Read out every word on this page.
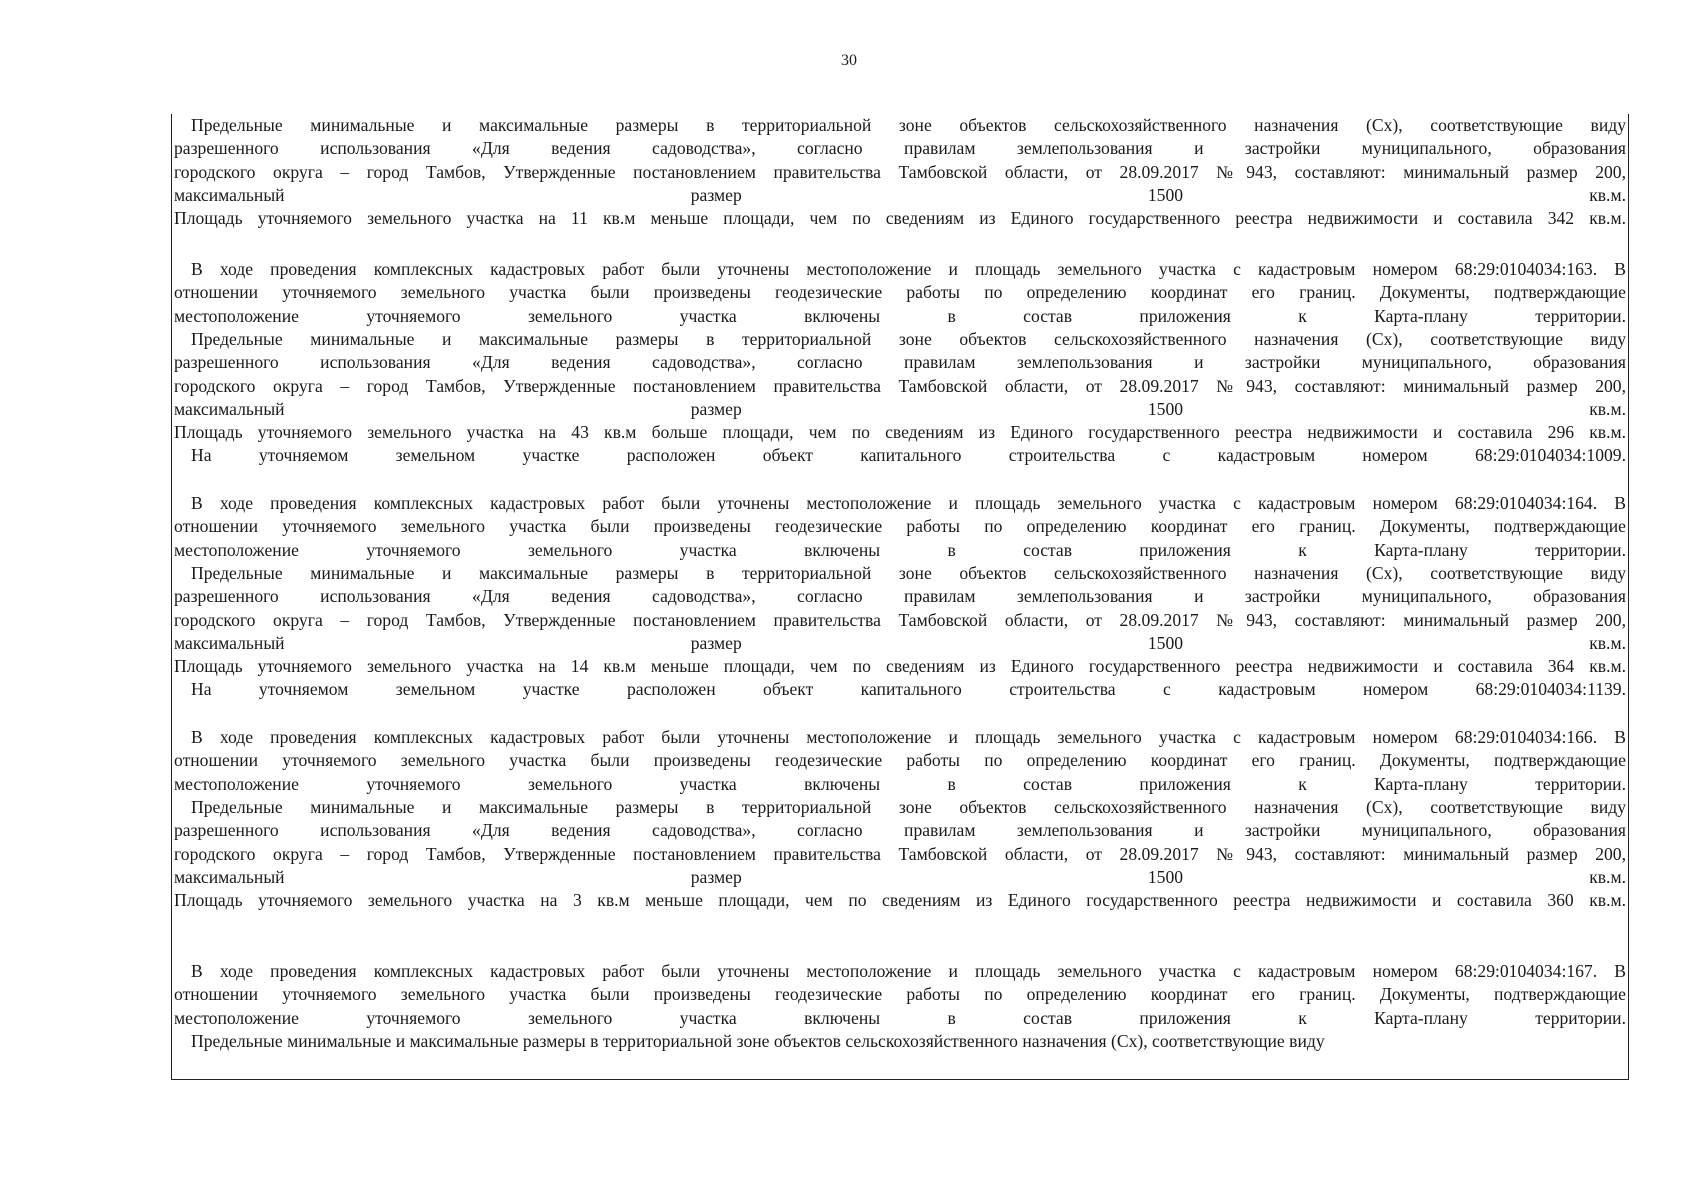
30
Предельные минимальные и максимальные размеры в территориальной зоне объектов сельскохозяйственного назначения (Сх), соответствующие виду
разрешенного использования «Для ведения садоводства», согласно правилам землепользования и застройки муниципального, образования
городского округа – город Тамбов, Утвержденные постановлением правительства Тамбовской области, от 28.09.2017 №943, составляют: минимальный размер 200,
максимальный размер 1500 кв.м.
Площадь уточняемого земельного участка на 11 кв.м меньше площади, чем по сведениям из Единого государственного реестра недвижимости и составила 342 кв.м.
В ходе проведения комплексных кадастровых работ были уточнены местоположение и площадь земельного участка с кадастровым номером 68:29:0104034:163. В
отношении уточняемого земельного участка были произведены геодезические работы по определению координат его границ. Документы, подтверждающие
местоположение уточняемого земельного участка включены в состав приложения к Карта-плану территории.
Предельные минимальные и максимальные размеры в территориальной зоне объектов сельскохозяйственного назначения (Сх), соответствующие виду
разрешенного использования «Для ведения садоводства», согласно правилам землепользования и застройки муниципального, образования
городского округа – город Тамбов, Утвержденные постановлением правительства Тамбовской области, от 28.09.2017 №943, составляют: минимальный размер 200,
максимальный размер 1500 кв.м.
Площадь уточняемого земельного участка на 43 кв.м больше площади, чем по сведениям из Единого государственного реестра недвижимости и составила 296 кв.м.
На уточняемом земельном участке расположен объект капитального строительства с кадастровым номером 68:29:0104034:1009.
В ходе проведения комплексных кадастровых работ были уточнены местоположение и площадь земельного участка с кадастровым номером 68:29:0104034:164. В
отношении уточняемого земельного участка были произведены геодезические работы по определению координат его границ. Документы, подтверждающие
местоположение уточняемого земельного участка включены в состав приложения к Карта-плану территории.
Предельные минимальные и максимальные размеры в территориальной зоне объектов сельскохозяйственного назначения (Сх), соответствующие виду
разрешенного использования «Для ведения садоводства», согласно правилам землепользования и застройки муниципального, образования
городского округа – город Тамбов, Утвержденные постановлением правительства Тамбовской области, от 28.09.2017 №943, составляют: минимальный размер 200,
максимальный размер 1500 кв.м.
Площадь уточняемого земельного участка на 14 кв.м меньше площади, чем по сведениям из Единого государственного реестра недвижимости и составила 364 кв.м.
На уточняемом земельном участке расположен объект капитального строительства с кадастровым номером 68:29:0104034:1139.
В ходе проведения комплексных кадастровых работ были уточнены местоположение и площадь земельного участка с кадастровым номером 68:29:0104034:166. В
отношении уточняемого земельного участка были произведены геодезические работы по определению координат его границ. Документы, подтверждающие
местоположение уточняемого земельного участка включены в состав приложения к Карта-плану территории.
Предельные минимальные и максимальные размеры в территориальной зоне объектов сельскохозяйственного назначения (Сх), соответствующие виду
разрешенного использования «Для ведения садоводства», согласно правилам землепользования и застройки муниципального, образования
городского округа – город Тамбов, Утвержденные постановлением правительства Тамбовской области, от 28.09.2017 №943, составляют: минимальный размер 200,
максимальный размер 1500 кв.м.
Площадь уточняемого земельного участка на 3 кв.м меньше площади, чем по сведениям из Единого государственного реестра недвижимости и составила 360 кв.м.
В ходе проведения комплексных кадастровых работ были уточнены местоположение и площадь земельного участка с кадастровым номером 68:29:0104034:167. В
отношении уточняемого земельного участка были произведены геодезические работы по определению координат его границ. Документы, подтверждающие
местоположение уточняемого земельного участка включены в состав приложения к Карта-плану территории.
Предельные минимальные и максимальные размеры в территориальной зоне объектов сельскохозяйственного назначения (Сх), соответствующие виду
